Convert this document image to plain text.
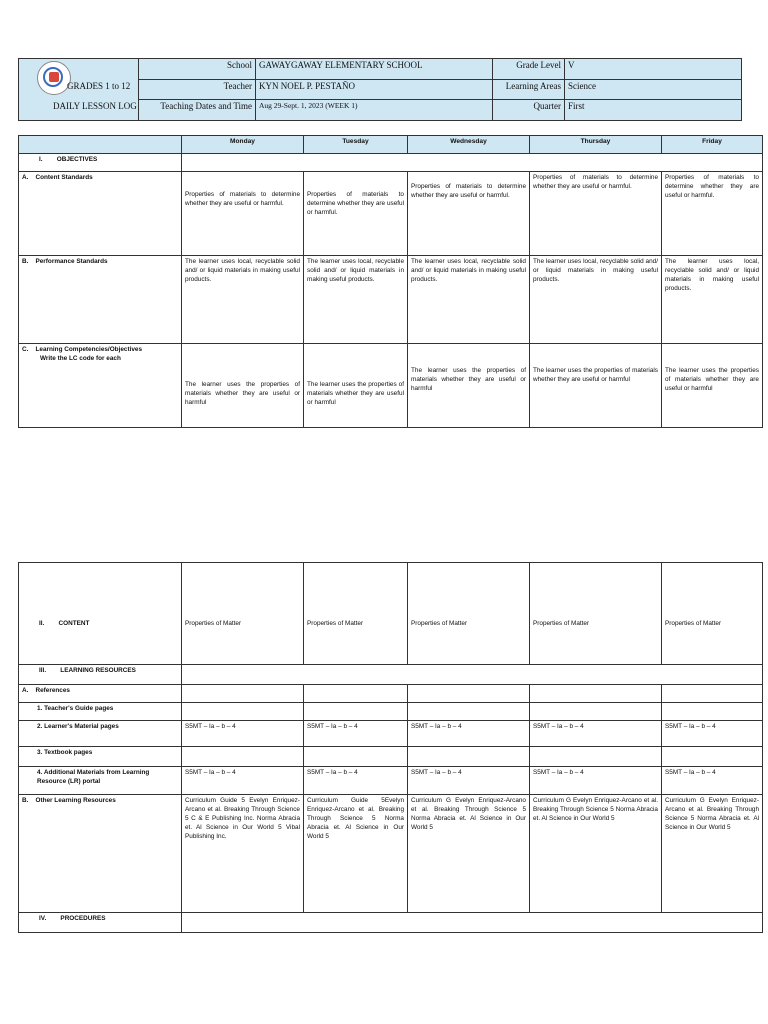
GRADES 1 to 12
DAILY LESSON LOG
School GAWAYGAWAY ELEMENTARY SCHOOL	Grade Level V
Teacher KYN NOEL P. PESTAÑO	Learning Areas Science
Teaching Dates and Time Aug 29-Sept. 1, 2023 (WEEK 1)	Quarter First
	Monday	Tuesday	Wednesday	Thursday	Friday
I.        OBJECTIVES					
A.    Content Standards	Properties of materials to determine whether they are useful or harmful.	Properties of materials to determine whether they are useful or harmful.	Properties of materials to determine whether they are useful or harmful.	Properties of materials to determine whether they are useful or harmful.	Properties of materials to determine whether they are useful or harmful.
B.    Performance Standards	The learner uses local, recyclable solid and/ or liquid materials in making useful products.	The learner uses local, recyclable solid and/ or liquid materials in making useful products.	The learner uses local, recyclable solid and/ or liquid materials in making useful products.	The learner uses local, recyclable solid and/ or liquid materials in making useful products.	The learner uses local, recyclable solid and/ or liquid materials in making useful products.

C.    Learning Competencies/Objectives
Write the LC code for each	The learner uses the properties of materials whether they are useful or harmful	The learner uses the properties of materials whether they are useful or harmful	The learner uses the properties of materials whether they are useful or harmful	The learner uses the properties of materials whether they are useful or harmful	The learner uses the properties of materials whether they are useful or harmful
II.        CONTENT	Properties of Matter	Properties of Matter	Properties of Matter	Properties of Matter	Properties of Matter
III.        LEARNING RESOURCES					
A.    References					
1. Teacher's Guide pages					
2. Learner's Material pages	S5MT – Ia – b – 4	S5MT – Ia – b – 4	S5MT – Ia – b – 4	S5MT – Ia – b – 4	S5MT – Ia – b – 4
3. Textbook pages					
4. Additional Materials from Learning Resource (LR) portal	S5MT – Ia – b – 4	S5MT – Ia – b – 4	S5MT – Ia – b – 4	S5MT – Ia – b – 4	S5MT – Ia – b – 4
B.    Other Learning Resources	Curriculum Guide 5 Evelyn Enriquez-Arcano et al. Breaking Through Science 5 C & E Publishing Inc. Norma Abracia et. Al Science in Our World 5 Vibal Publishing Inc.	Curriculum Guide 5Evelyn Enriquez-Arcano et al. Breaking Through Science 5 Norma Abracia et. Al Science in Our World 5	Curriculum G Evelyn Enriquez-Arcano et al. Breaking Through Science 5 Norma Abracia et. Al Science in Our World 5	Curriculum G Evelyn Enriquez-Arcano et al. Breaking Through Science 5 Norma Abracia et. Al Science in Our World 5	Curriculum G Evelyn Enriquez-Arcano et al. Breaking Through Science 5 Norma Abracia et. Al Science in Our World 5
IV.        PROCEDURES					
